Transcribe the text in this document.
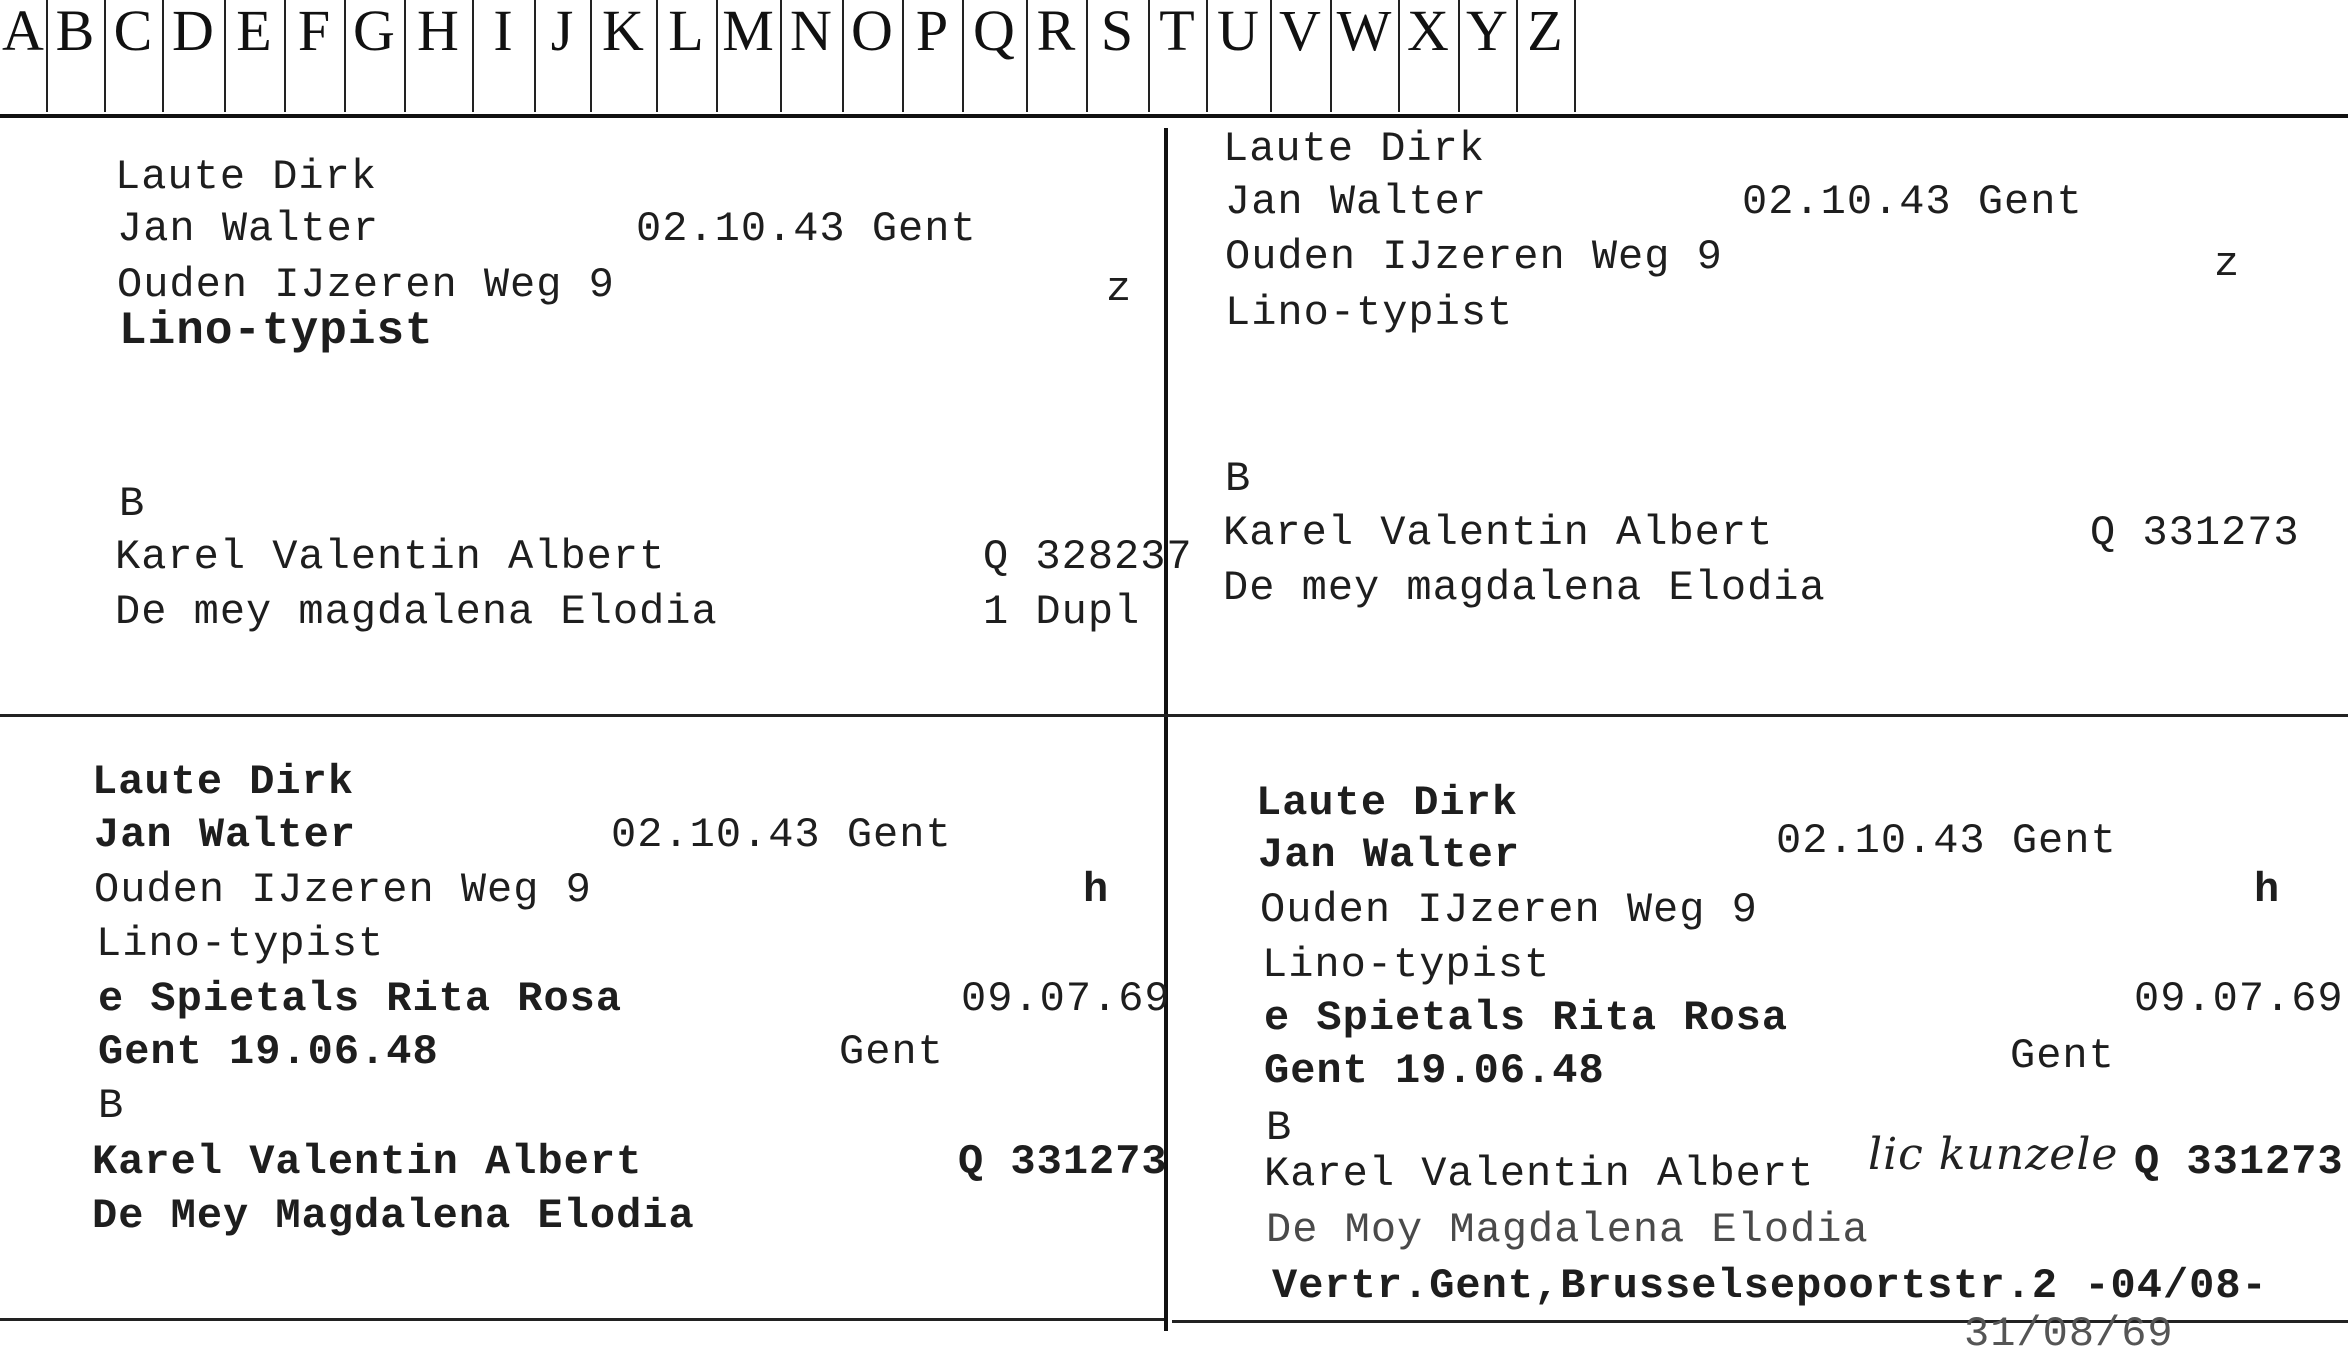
A B C D E F G H I J K L M N O P Q R S T U V W X Y Z
Laute Dirk
Jan Walter	02.10.43 Gent
Ouden IJzeren Weg 9	z
Lino-typist
B
Karel Valentin Albert	Q 328237
De mey magdalena Elodia	1 Dupl
Laute Dirk
Jan Walter	02.10.43 Gent
Ouden IJzeren Weg 9	z
Lino-typist
B
Karel Valentin Albert	Q 331273
De mey magdalena Elodia
Laute Dirk
Jan Walter	02.10.43 Gent
Ouden IJzeren Weg 9	h
Lino-typist
e Spietals Rita Rosa	09.07.69
Gent 19.06.48	Gent
B
Karel Valentin Albert	Q 331273
De Mey Magdalena Elodia
Laute Dirk
Jan Walter	02.10.43 Gent
Ouden IJzeren Weg 9	h
Lino-typist
e Spietals Rita Rosa	09.07.69
Gent 19.06.48	Gent
B
Karel Valentin Albert lic kunzele Q 331273
De Moy Magdalena Elodia
Vertr.Gent,Brusselsepoortstr.2 -04/08-
31/08/69
